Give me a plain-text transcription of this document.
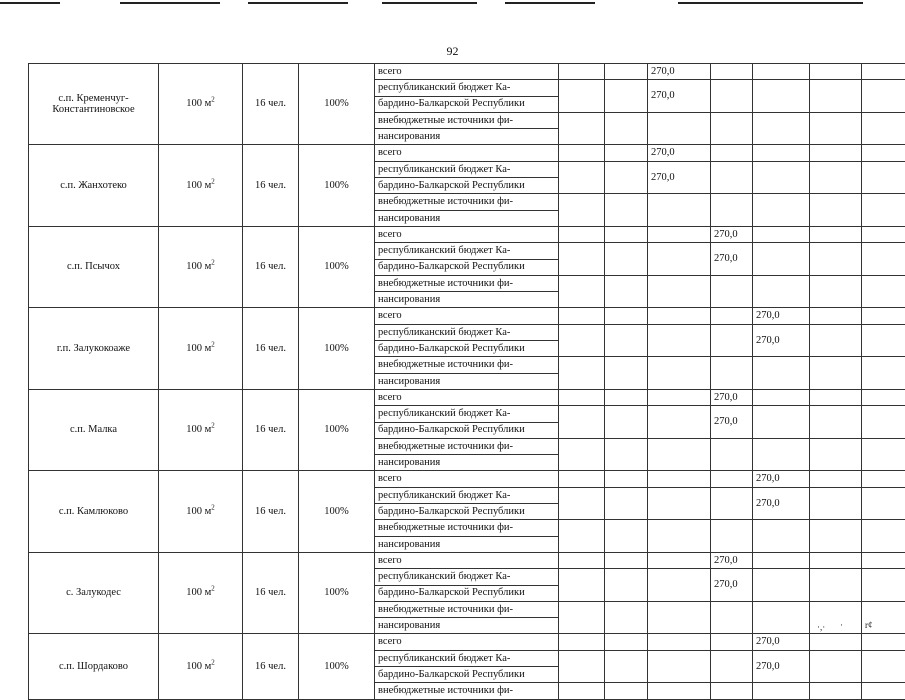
92
с.п. Кременчуг-
Константиновское	100 $м^2$	16 чел.	100%	всего			270,0				
				республиканский бюджет Ка-			270,0				
				бардино-Балкарской Республики							
				внебюджетные источники фи-							
				нансирования							
с.п. Жанхотеко	100 $м^2$	16 чел.	100%	всего			270,0				
				республиканский бюджет Ка-			270,0				
				бардино-Балкарской Республики							
				внебюджетные источники фи-							
				нансирования							
с.п. Псычох	100 $м^2$	16 чел.	100%	всего				270,0			
				республиканский бюджет Ка-				270,0			
				бардино-Балкарской Республики							
				внебюджетные источники фи-							
				нансирования							
г.п. Залукокоаже	100 $м^2$	16 чел.	100%	всего					270,0		
				республиканский бюджет Ка-					270,0		
				бардино-Балкарской Республики							
				внебюджетные источники фи-							
				нансирования							
с.п. Малка	100 $м^2$	16 чел.	100%	всего				270,0			
				республиканский бюджет Ка-				270,0			
				бардино-Балкарской Республики							
				внебюджетные источники фи-							
				нансирования							
с.п. Камлюково	100 $м^2$	16 чел.	100%	всего					270,0		
				республиканский бюджет Ка-					270,0		
				бардино-Балкарской Республики							
				внебюджетные источники фи-							
				нансирования							
с. Залукодес	100 $м^2$	16 чел.	100%	всего				270,0			
				республиканский бюджет Ка-				270,0			
				бардино-Балкарской Республики							
				внебюджетные источники фи-							
				нансирования							
с.п. Шордаково	100 $м^2$	16 чел.	100%	всего					270,0		
				республиканский бюджет Ка-					270,0		
				бардино-Балкарской Республики							
				внебюджетные источники фи-							
·,· · r¢
